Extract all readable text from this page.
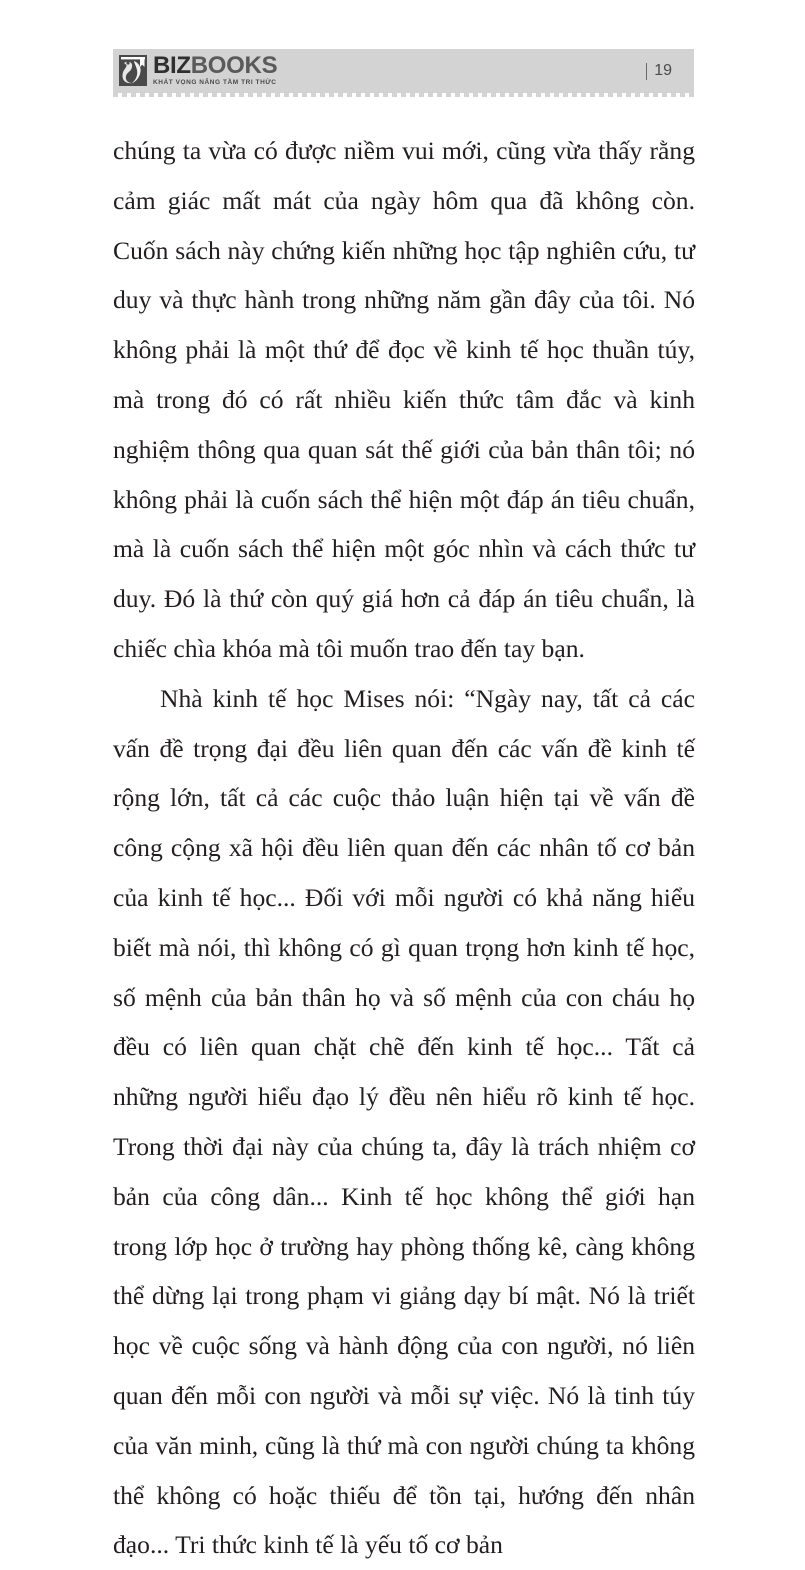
BIZ BOOKS
KHÁT VỌNG NÂNG TẦM TRI THỨC
19

chúng ta vừa có được niềm vui mới, cũng vừa thấy rằng cảm giác mất mát của ngày hôm qua đã không còn. Cuốn sách này chứng kiến những học tập nghiên cứu, tư duy và thực hành trong những năm gần đây của tôi. Nó không phải là một thứ để đọc về kinh tế học thuần túy, mà trong đó có rất nhiều kiến thức tâm đắc và kinh nghiệm thông qua quan sát thế giới của bản thân tôi; nó không phải là cuốn sách thể hiện một đáp án tiêu chuẩn, mà là cuốn sách thể hiện một góc nhìn và cách thức tư duy. Đó là thứ còn quý giá hơn cả đáp án tiêu chuẩn, là chiếc chìa khóa mà tôi muốn trao đến tay bạn.

Nhà kinh tế học Mises nói: “Ngày nay, tất cả các vấn đề trọng đại đều liên quan đến các vấn đề kinh tế rộng lớn, tất cả các cuộc thảo luận hiện tại về vấn đề công cộng xã hội đều liên quan đến các nhân tố cơ bản của kinh tế học... Đối với mỗi người có khả năng hiểu biết mà nói, thì không có gì quan trọng hơn kinh tế học, số mệnh của bản thân họ và số mệnh của con cháu họ đều có liên quan chặt chẽ đến kinh tế học... Tất cả những người hiểu đạo lý đều nên hiểu rõ kinh tế học. Trong thời đại này của chúng ta, đây là trách nhiệm cơ bản của công dân... Kinh tế học không thể giới hạn trong lớp học ở trường hay phòng thống kê, càng không thể dừng lại trong phạm vi giảng dạy bí mật. Nó là triết học về cuộc sống và hành động của con người, nó liên quan đến mỗi con người và mỗi sự việc. Nó là tinh túy của văn minh, cũng là thứ mà con người chúng ta không thể không có hoặc thiếu để tồn tại, hướng đến nhân đạo... Tri thức kinh tế là yếu tố cơ bản
